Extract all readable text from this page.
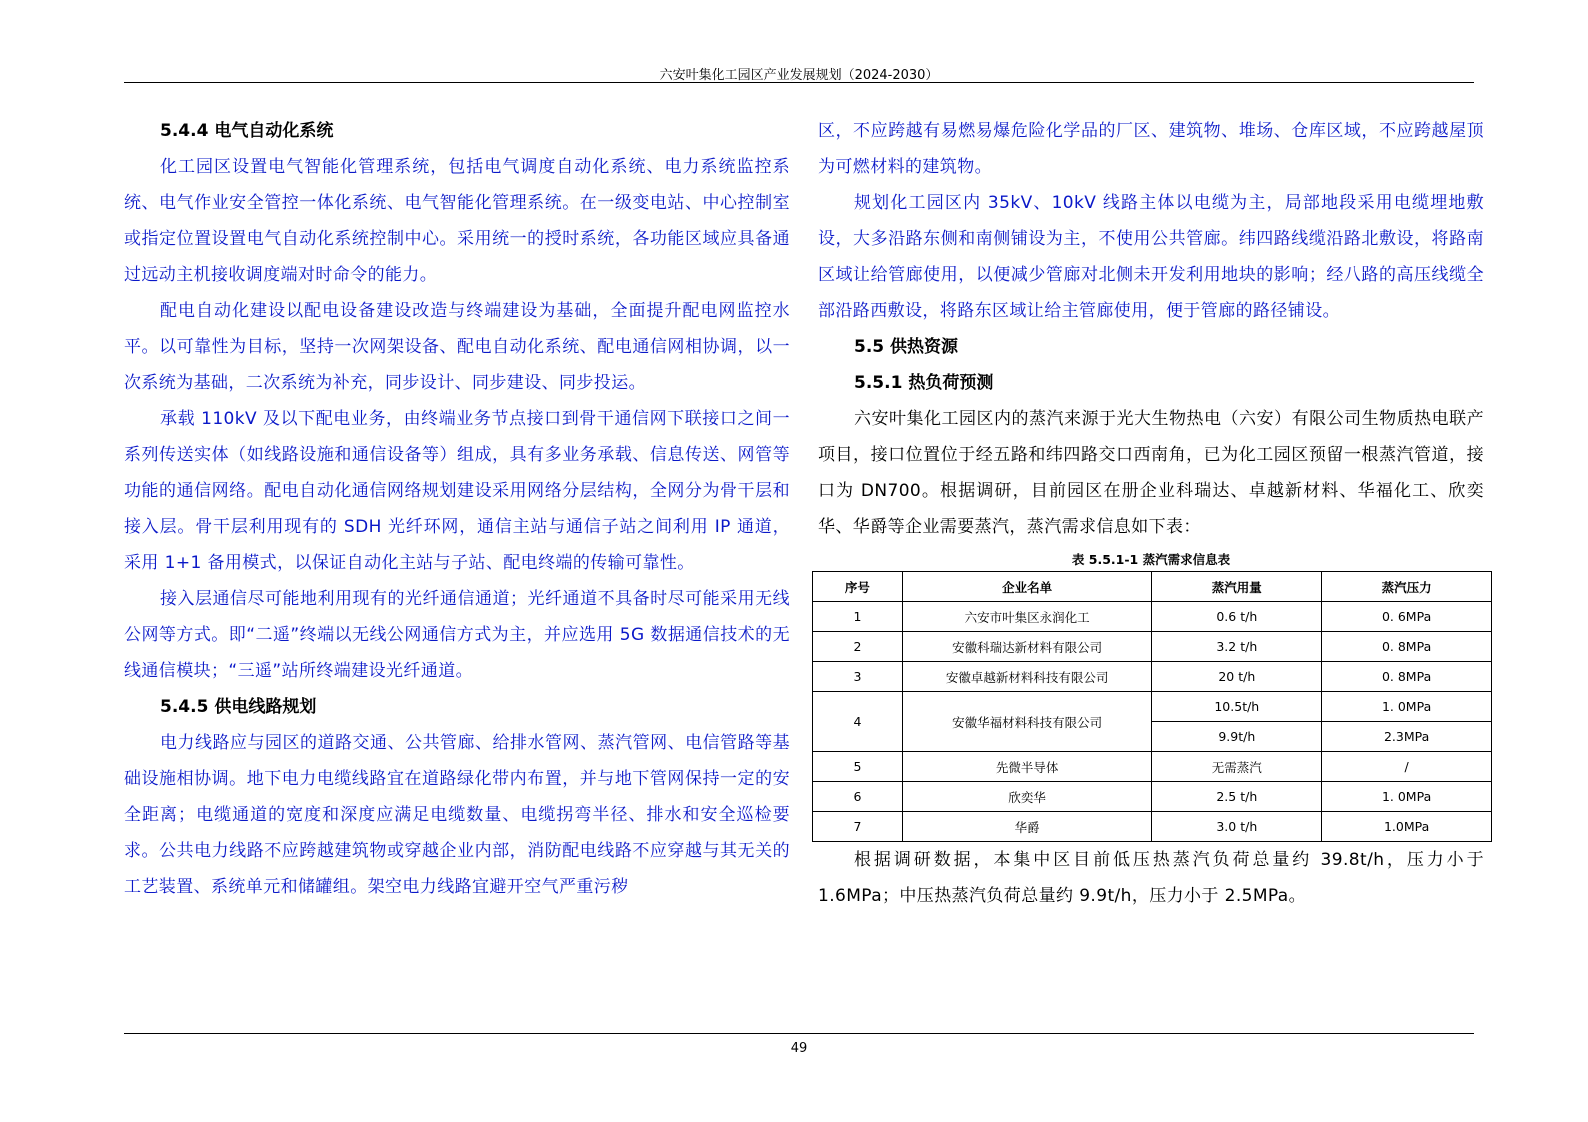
六安叶集化工园区产业发展规划（2024-2030）
5.4.4 电气自动化系统

化工园区设置电气智能化管理系统，包括电气调度自动化系统、电力系统监控系统、电气作业安全管控一体化系统、电气智能化管理系统。在一级变电站、中心控制室或指定位置设置电气自动化系统控制中心。采用统一的授时系统，各功能区域应具备通过远动主机接收调度端对时命令的能力。

配电自动化建设以配电设备建设改造与终端建设为基础，全面提升配电网监控水平。以可靠性为目标，坚持一次网架设备、配电自动化系统、配电通信网相协调，以一次系统为基础，二次系统为补充，同步设计、同步建设、同步投运。

承载 110kV 及以下配电业务，由终端业务节点接口到骨干通信网下联接口之间一系列传送实体（如线路设施和通信设备等）组成，具有多业务承载、信息传送、网管等功能的通信网络。配电自动化通信网络规划建设采用网络分层结构，全网分为骨干层和接入层。骨干层利用现有的 SDH 光纤环网，通信主站与通信子站之间利用 IP 通道，采用 1+1 备用模式，以保证自动化主站与子站、配电终端的传输可靠性。

接入层通信尽可能地利用现有的光纤通信通道；光纤通道不具备时尽可能采用无线公网等方式。即“二遥”终端以无线公网通信方式为主，并应选用 5G 数据通信技术的无线通信模块；“三遥”站所终端建设光纤通道。

5.4.5 供电线路规划

电力线路应与园区的道路交通、公共管廊、给排水管网、蒸汽管网、电信管路等基础设施相协调。地下电力电缆线路宜在道路绿化带内布置，并与地下管网保持一定的安全距离；电缆通道的宽度和深度应满足电缆数量、电缆拐弯半径、排水和安全巡检要求。公共电力线路不应跨越建筑物或穿越企业内部，消防配电线路不应穿越与其无关的工艺装置、系统单元和储罐组。架空电力线路宜避开空气严重污秽

区，不应跨越有易燃易爆危险化学品的厂区、建筑物、堆场、仓库区域，不应跨越屋顶为可燃材料的建筑物。

规划化工园区内 35kV、10kV 线路主体以电缆为主，局部地段采用电缆埋地敷设，大多沿路东侧和南侧铺设为主，不使用公共管廊。纬四路线缆沿路北敷设，将路南区域让给管廊使用，以便减少管廊对北侧未开发利用地块的影响；经八路的高压线缆全部沿路西敷设，将路东区域让给主管廊使用，便于管廊的路径铺设。

5.5 供热资源
5.5.1 热负荷预测

六安叶集化工园区内的蒸汽来源于光大生物热电（六安）有限公司生物质热电联产项目，接口位置位于经五路和纬四路交口西南角，已为化工园区预留一根蒸汽管道，接口为 DN700。根据调研，目前园区在册企业科瑞达、卓越新材料、华福化工、欣奕华、华爵等企业需要蒸汽，蒸汽需求信息如下表：

表 5.5.1-1 蒸汽需求信息表
序号	企业名单	蒸汽用量	蒸汽压力
1	六安市叶集区永润化工	0.6 t/h	0. 6MPa
2	安徽科瑞达新材料有限公司	3.2 t/h	0. 8MPa
3	安徽卓越新材料科技有限公司	20 t/h	0. 8MPa
4	安徽华福材料科技有限公司	10.5t/h	1. 0MPa
		9.9t/h	2.3MPa
5	先微半导体	无需蒸汽	/
6	欣奕华	2.5 t/h	1. 0MPa
7	华爵	3.0 t/h	1.0MPa

根据调研数据，本集中区目前低压热蒸汽负荷总量约 39.8t/h，压力小于1.6MPa；中压热蒸汽负荷总量约 9.9t/h，压力小于 2.5MPa。

49
